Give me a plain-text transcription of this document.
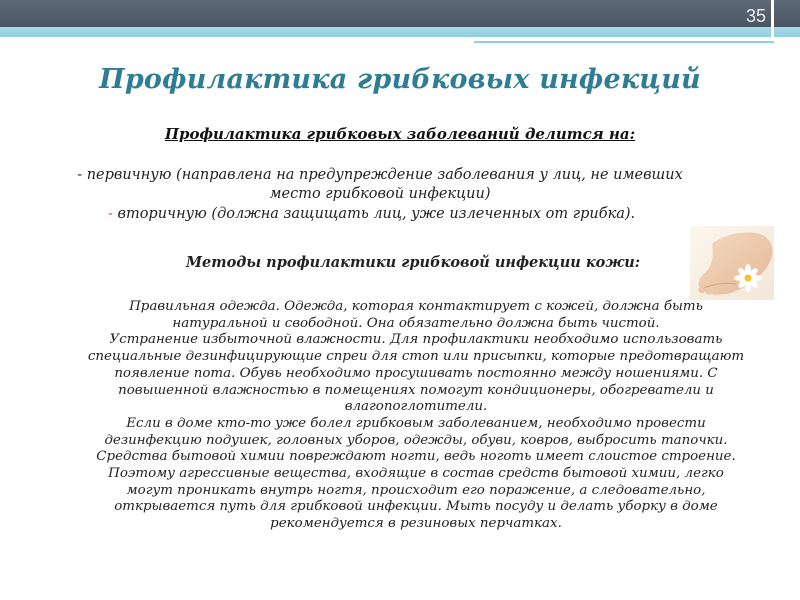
35
Профилактика грибковых инфекций
Профилактика грибковых заболеваний делится на:
- первичную (направлена на предупреждение заболевания у лиц, не имевших
место грибковой инфекции)
- вторичную (должна защищать лиц, уже излеченных от грибка).
Методы профилактики грибковой инфекции кожи:

Правильная одежда. Одежда, которая контактирует с кожей, должна быть

натуральной и свободной. Она обязательно должна быть чистой.

Устранение избыточной влажности. Для профилактики необходимо использовать

специальные дезинфицирующие спреи для стоп или присыпки, которые предотвращают

появление пота. Обувь необходимо просушивать постоянно между ношениями. С

повышенной влажностью в помещениях помогут кондиционеры, обогреватели и

влагопоглотители.

Если в доме кто-то уже болел грибковым заболеванием, необходимо провести

дезинфекцию подушек, головных уборов, одежды, обуви, ковров, выбросить тапочки.

Средства бытовой химии повреждают ногти, ведь ноготь имеет слоистое строение.

Поэтому агрессивные вещества, входящие в состав средств бытовой химии, легко

могут проникать внутрь ногтя, происходит его поражение, а следовательно,

открывается путь для грибковой инфекции. Мыть посуду и делать уборку в доме

рекомендуется в резиновых перчатках.
